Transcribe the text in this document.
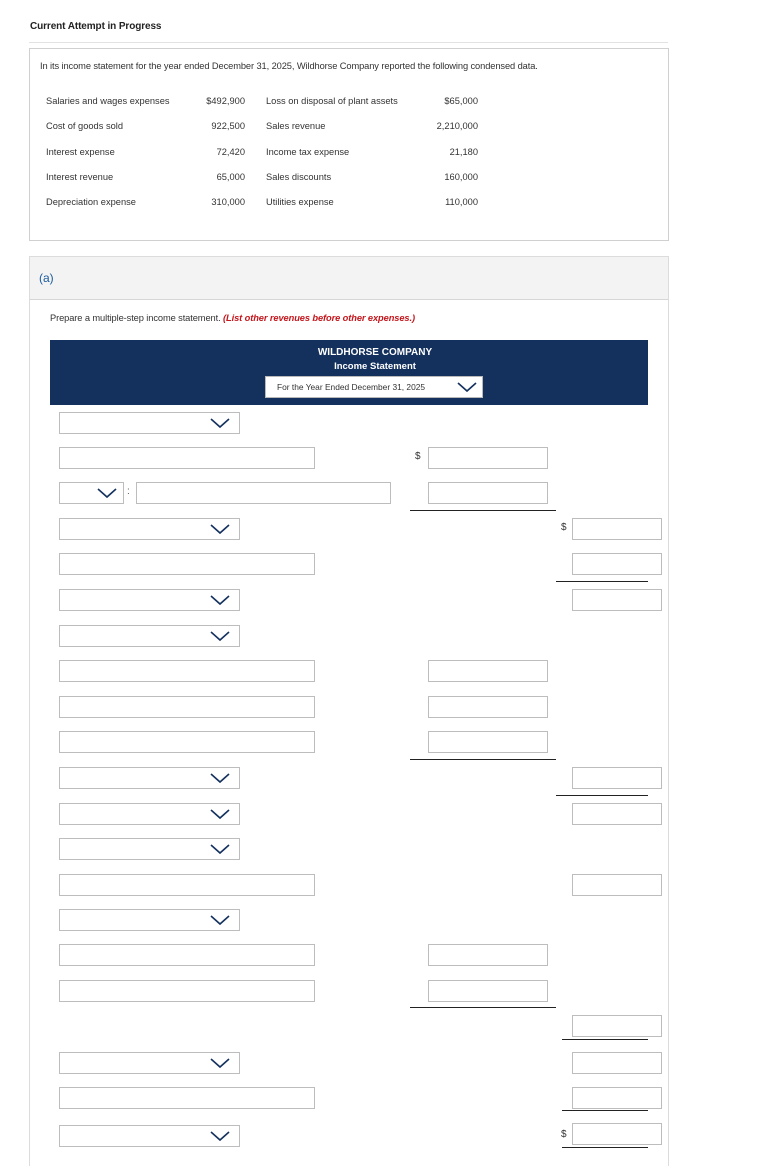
Current Attempt in Progress
In its income statement for the year ended December 31, 2025, Wildhorse Company reported the following condensed data.
Salaries and wages expenses	$492,900 Loss on disposal of plant assets	$65,000
Cost of goods sold	922,500 Sales revenue	2,210,000
Interest expense	72,420 Income tax expense	21,180
Interest revenue	65,000 Sales discounts	160,000
Depreciation expense	310,000 Utilities expense	110,000
(a)
Prepare a multiple-step income statement. (List other revenues before other expenses.)
WILDHORSE COMPANY
Income Statement
For the Year Ended December 31, 2025
$
:
$
$
